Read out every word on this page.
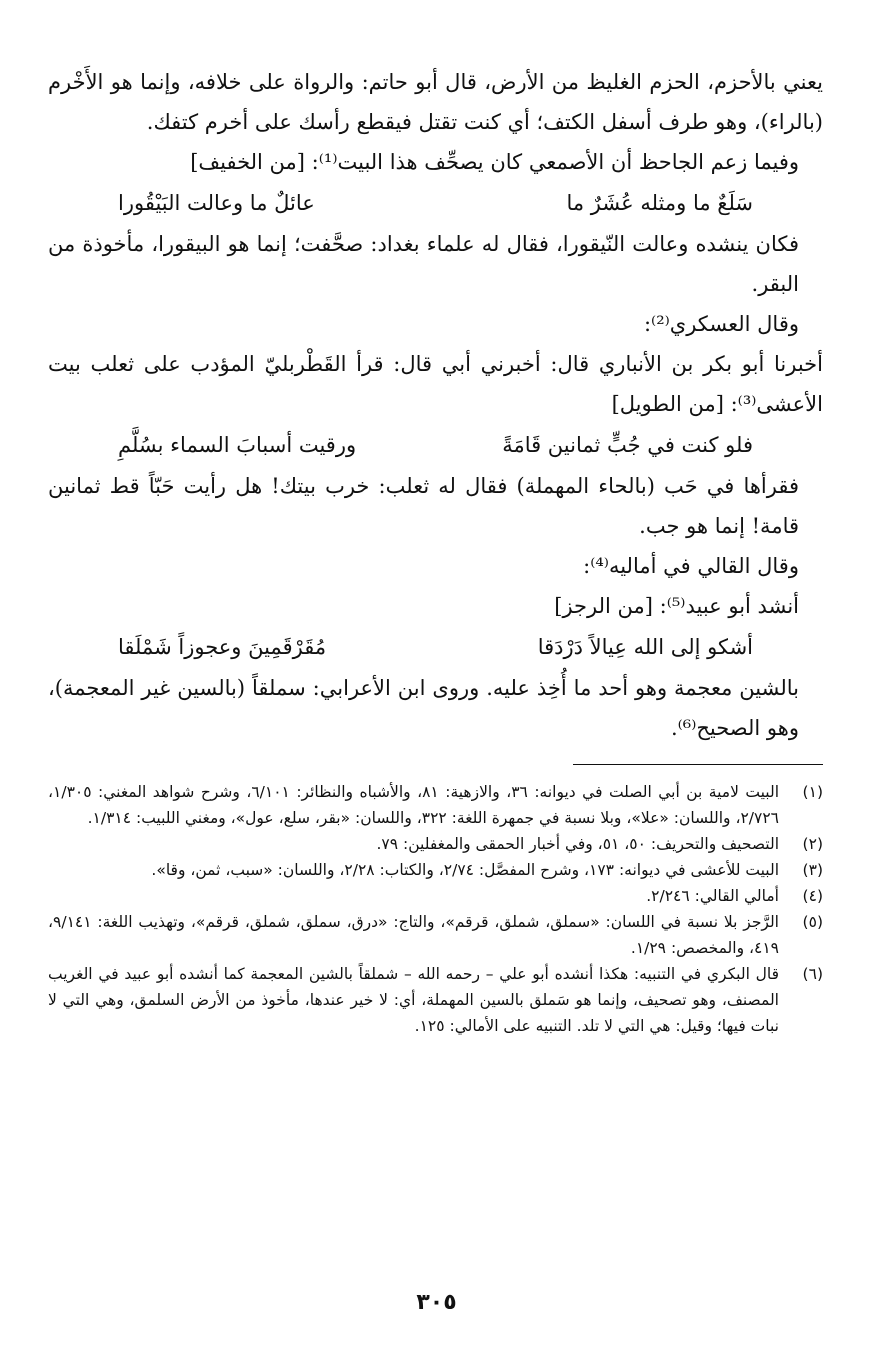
يعني بالأحزم، الحزم الغليظ من الأرض، قال أبو حاتم: والرواة على خلافه، وإنما هو الأَخْرم (بالراء)، وهو طرف أسفل الكتف؛ أي كنت تقتل فيقطع رأسك على أخرم كتفك.

وفيما زعم الجاحظ أن الأصمعي كان يصحِّف هذا البيت⁽¹⁾: [من الخفيف]

سَلَعٌ ما ومثله عُشَرٌ ما
عائلٌ ما وعالت البَيْقُورا

فكان ينشده وعالت النّيقورا، فقال له علماء بغداد: صحَّفت؛ إنما هو البيقورا، مأخوذة من البقر.

وقال العسكري⁽²⁾:

أخبرنا أبو بكر بن الأنباري قال: أخبرني أبي قال: قرأ القَطْربليّ المؤدب على ثعلب بيت الأعشى⁽³⁾: [من الطويل]

فلو كنت في جُبٍّ ثمانين قَامَةً
ورقيت أسبابَ السماء بسُلَّمِ

فقرأها في حَب (بالحاء المهملة) فقال له ثعلب: خرب بيتك! هل رأيت حَبّاً قط ثمانين قامة! إنما هو جب.

وقال القالي في أماليه⁽⁴⁾:

أنشد أبو عبيد⁽⁵⁾: [من الرجز]

أشكو إلى الله عِيالاً دَرْدَقا
مُقَرْقَمِينَ وعجوزاً شَمْلَقا

بالشين معجمة وهو أحد ما أُخِذ عليه. وروى ابن الأعرابي: سملقاً (بالسين غير المعجمة)، وهو الصحيح⁽⁶⁾.

(١)
البيت لامية بن أبي الصلت في ديوانه: ٣٦، والازهية: ٨١، والأشباه والنظائر: ٦/١٠١، وشرح شواهد المغني: ١/٣٠٥، ٢/٧٢٦، واللسان: «علا»، وبلا نسبة في جمهرة اللغة: ٣٢٢، واللسان: «بقر، سلع، عول»، ومغني اللبيب: ١/٣١٤.
(٢)
التصحيف والتحريف: ٥٠، ٥١، وفي أخبار الحمقى والمغفلين: ٧٩.
(٣)
البيت للأعشى في ديوانه: ١٧٣، وشرح المفصَّل: ٢/٧٤، والكتاب: ٢/٢٨، واللسان: «سبب، ثمن، وقا».
(٤)
أمالي القالي: ٢/٢٤٦.
(٥)
الرَّجز بلا نسبة في اللسان: «سملق، شملق، قرقم»، والتاج: «درق، سملق، شملق، قرقم»، وتهذيب اللغة: ٩/١٤١، ٤١٩، والمخصص: ١/٢٩.
(٦)
قال البكري في التنبيه: هكذا أنشده أبو علي – رحمه الله – شملقاً بالشين المعجمة كما أنشده أبو عبيد في الغريب المصنف، وهو تصحيف، وإنما هو سَملق بالسين المهملة، أي: لا خير عندها، مأخوذ من الأرض السلمق، وهي التي لا نبات فيها؛ وقيل: هي التي لا تلد. التنبيه على الأمالي: ١٢٥.
٣٠٥
